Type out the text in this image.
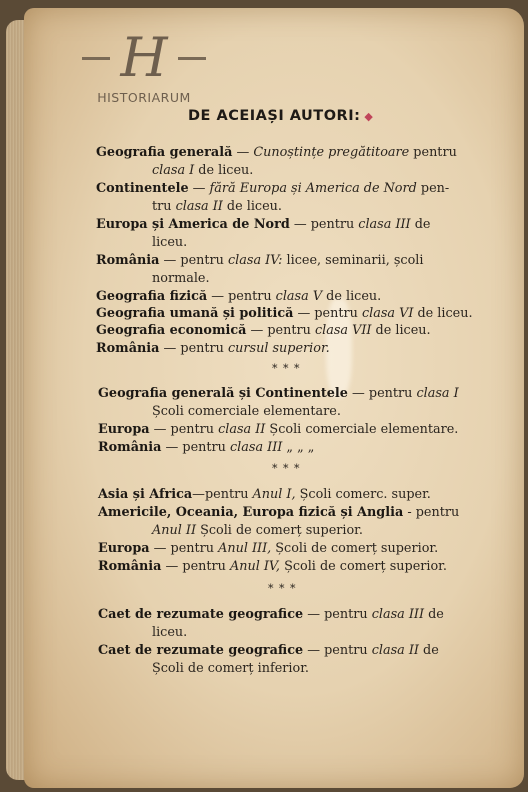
H
HISTORIARUM
DE ACEIAȘI AUTORI: ◆
Geografia generală — Cunoștințe pregătitoare pentru
clasa I de liceu.
Continentele — fără Europa și America de Nord pen-
tru clasa II de liceu.
Europa și America de Nord — pentru clasa III de
liceu.
România — pentru clasa IV: licee, seminarii, școli
normale.
Geografia fizică — pentru clasa V de liceu.
Geografia umană și politică — pentru clasa VI de liceu.
Geografia economică — pentru clasa VII de liceu.
România — pentru cursul superior.
* * *
Geografia generală și Continentele — pentru clasa I
Școli comerciale elementare.
Europa — pentru clasa II Școli comerciale elementare.
România — pentru clasa III „ „ „
* * *
Asia și Africa—pentru Anul I, Școli comerc. super.
Americile, Oceania, Europa fizică și Anglia - pentru
Anul II Școli de comerț superior.
Europa — pentru Anul III, Școli de comerț superior.
România — pentru Anul IV, Școli de comerț superior.
* * *
Caet de rezumate geografice — pentru clasa III de
liceu.
Caet de rezumate geografice — pentru clasa II de
Școli de comerț inferior.
